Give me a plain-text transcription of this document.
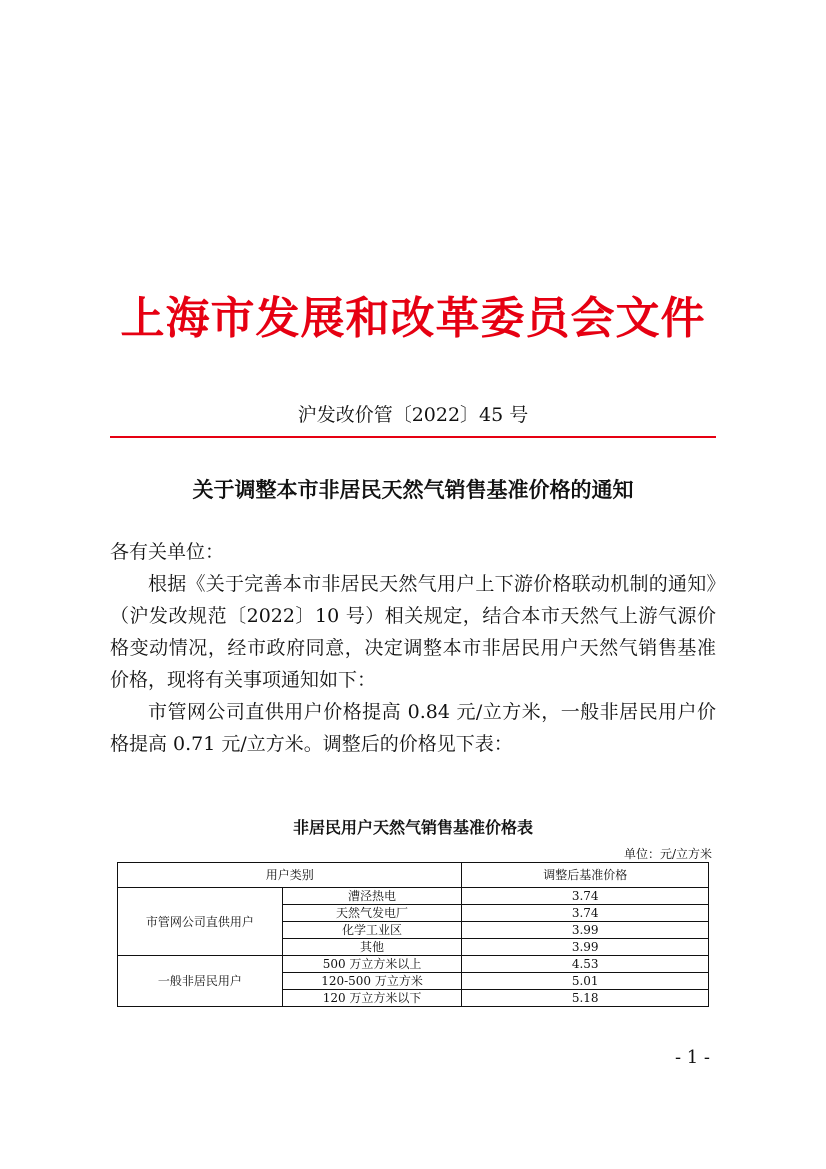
上海市发展和改革委员会文件
沪发改价管〔2022〕45 号
关于调整本市非居民天然气销售基准价格的通知

各有关单位：

根据《关于完善本市非居民天然气用户上下游价格联动机制的通知》（沪发改规范〔2022〕10 号）相关规定，结合本市天然气上游气源价格变动情况，经市政府同意，决定调整本市非居民用户天然气销售基准价格，现将有关事项通知如下：

市管网公司直供用户价格提高 0.84 元/立方米，一般非居民用户价格提高 0.71 元/立方米。调整后的价格见下表：

非居民用户天然气销售基准价格表
单位：元/立方米
用户类别		调整后基准价格
市管网公司直供用户	漕泾热电	3.74
	天然气发电厂	3.74
	化学工业区	3.99
	其他	3.99
一般非居民用户	500 万立方米以上	4.53
	120-500 万立方米	5.01
	120 万立方米以下	5.18
- 1 -
